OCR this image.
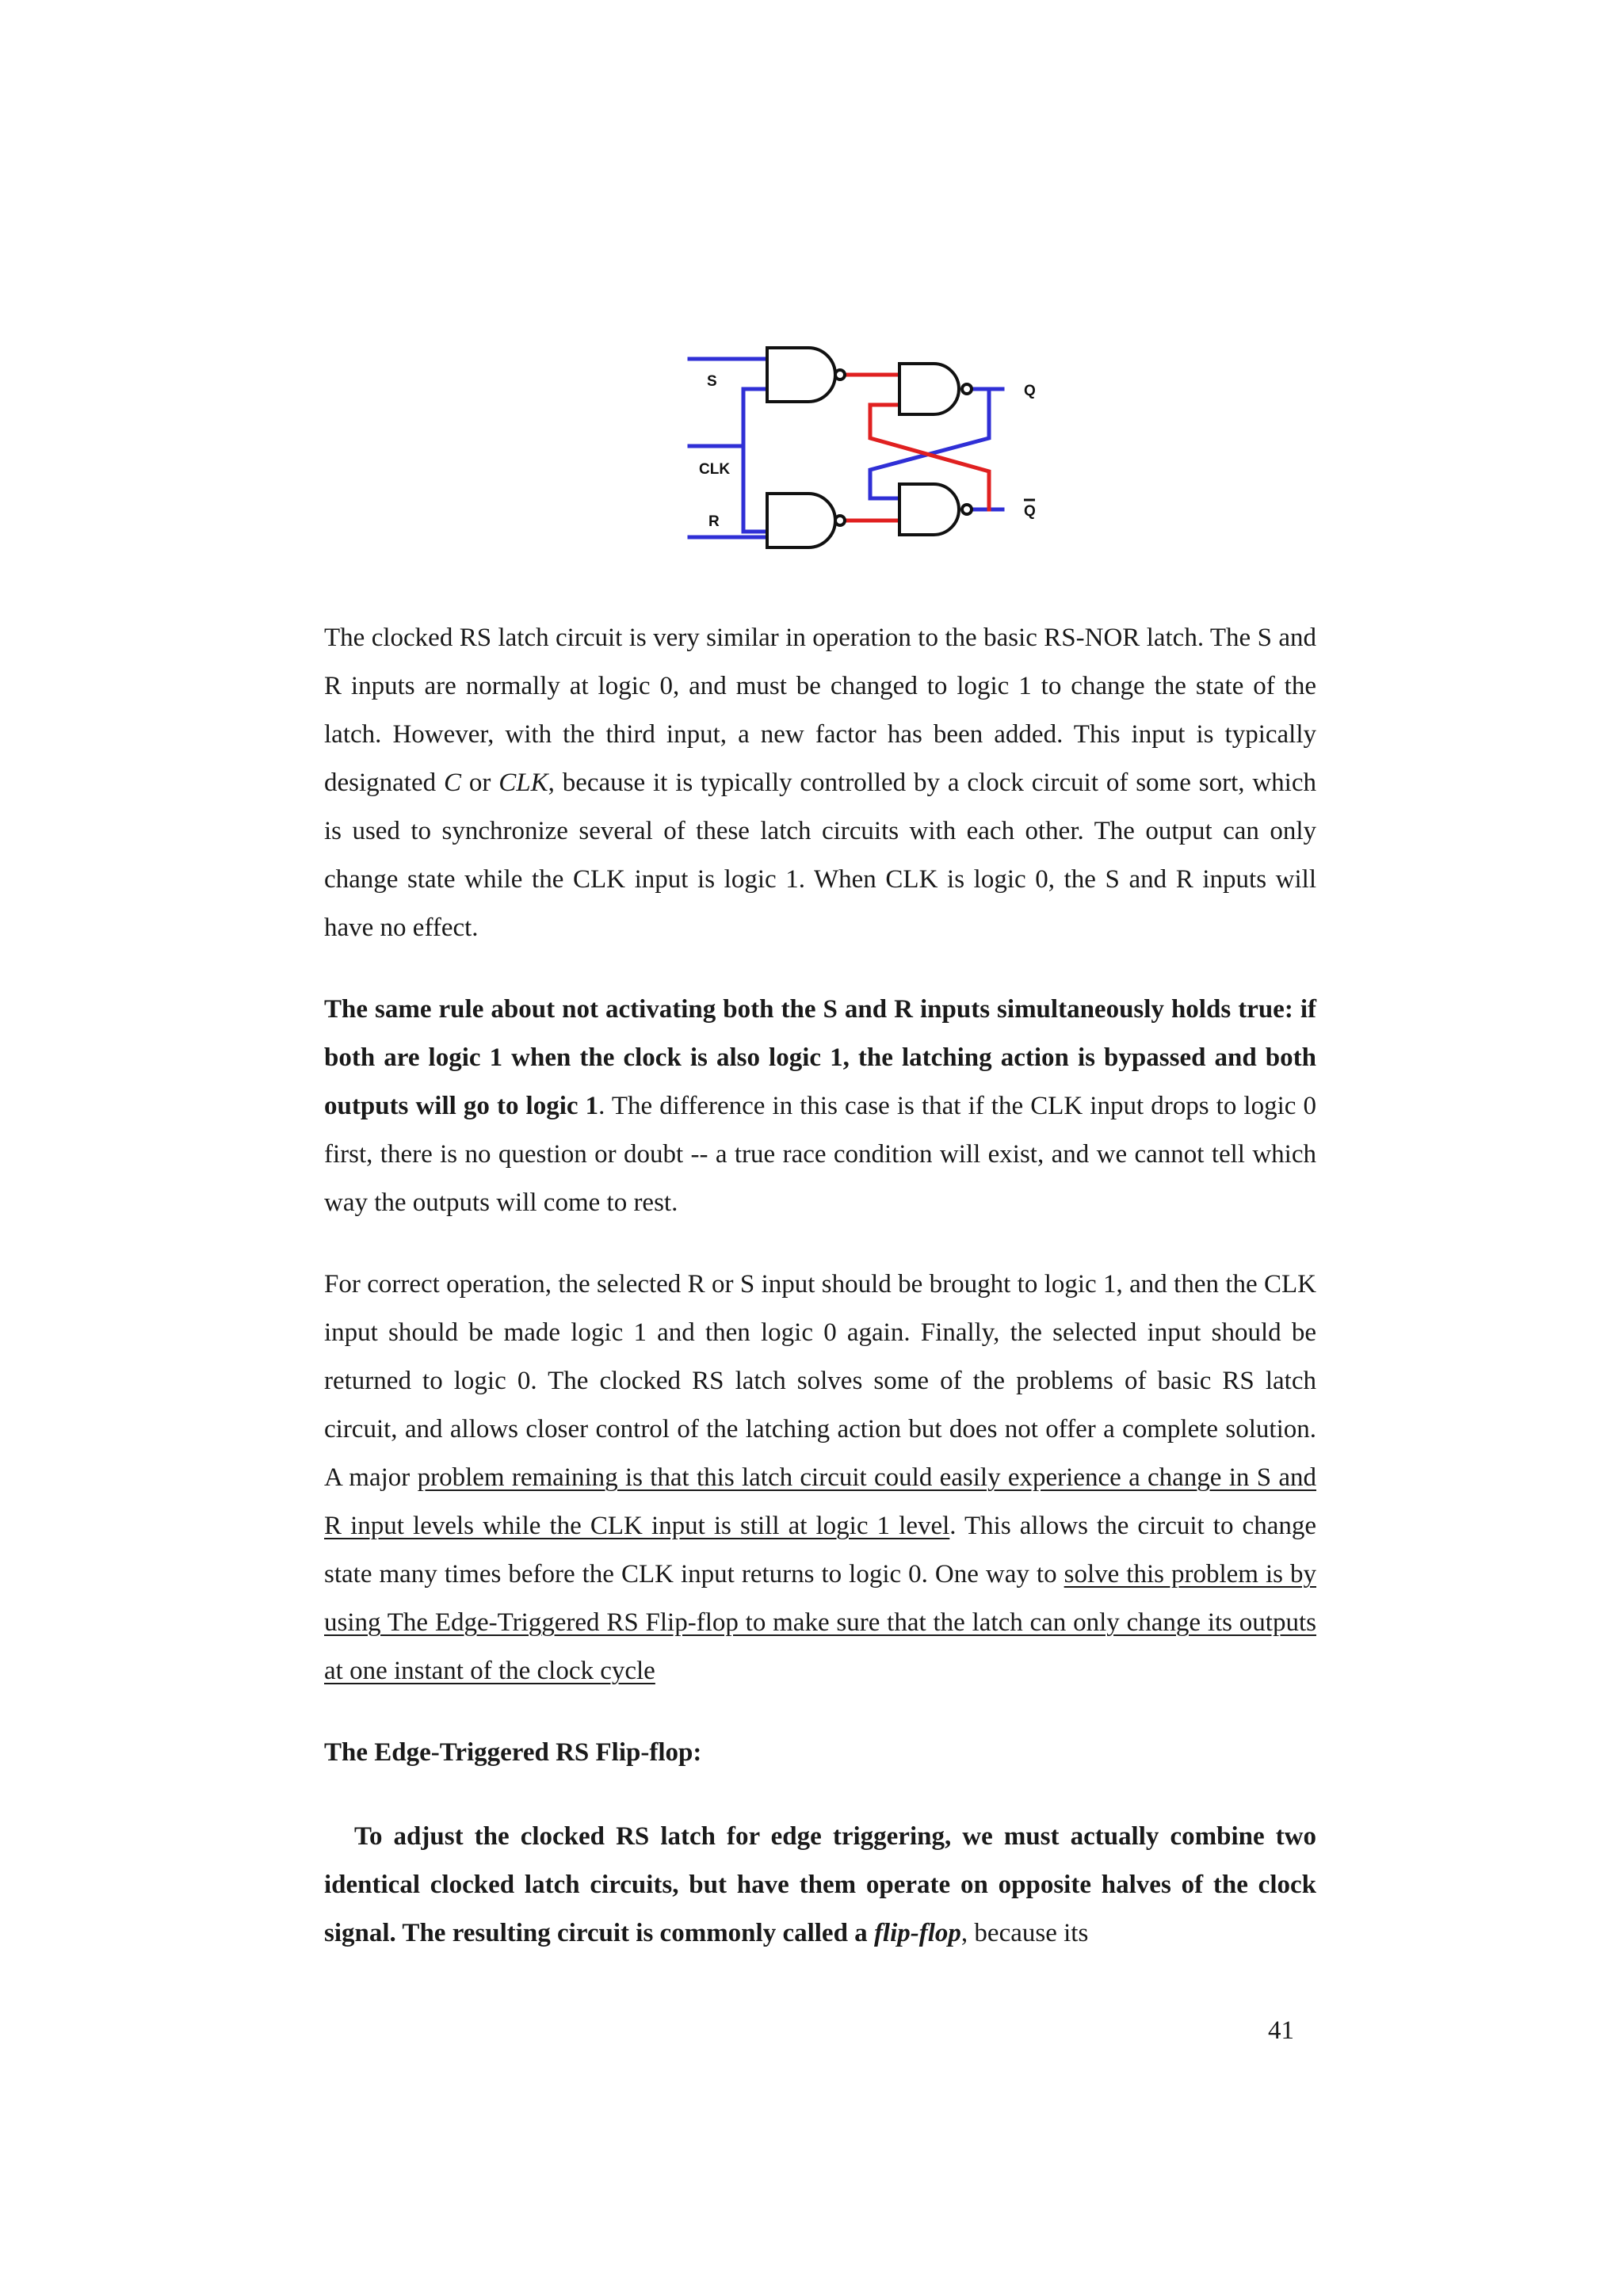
S
CLK
R
Q
Q

The clocked RS latch circuit is very similar in operation to the basic RS-NOR latch. The S and R inputs are normally at logic 0, and must be changed to logic 1 to change the state of the latch. However, with the third input, a new factor has been added. This input is typically designated C or CLK, because it is typically controlled by a clock circuit of some sort, which is used to synchronize several of these latch circuits with each other. The output can only change state while the CLK input is logic 1. When CLK is logic 0, the S and R inputs will have no effect.

The same rule about not activating both the S and R inputs simultaneously holds true: if both are logic 1 when the clock is also logic 1, the latching action is bypassed and both outputs will go to logic 1. The difference in this case is that if the CLK input drops to logic 0 first, there is no question or doubt -- a true race condition will exist, and we cannot tell which way the outputs will come to rest.

For correct operation, the selected R or S input should be brought to logic 1, and then the CLK input should be made logic 1 and then logic 0 again. Finally, the selected input should be returned to logic 0. The clocked RS latch solves some of the problems of basic RS latch circuit, and allows closer control of the latching action but does not offer a complete solution. A major problem remaining is that this latch circuit could easily experience a change in S and R input levels while the CLK input is still at logic 1 level. This allows the circuit to change state many times before the CLK input returns to logic 0. One way to solve this problem is by using The Edge-Triggered RS Flip-flop to make sure that the latch can only change its outputs at one instant of the clock cycle

The Edge-Triggered RS Flip-flop:

To adjust the clocked RS latch for edge triggering, we must actually combine two identical clocked latch circuits, but have them operate on opposite halves of the clock signal. The resulting circuit is commonly called a flip-flop, because its

41
